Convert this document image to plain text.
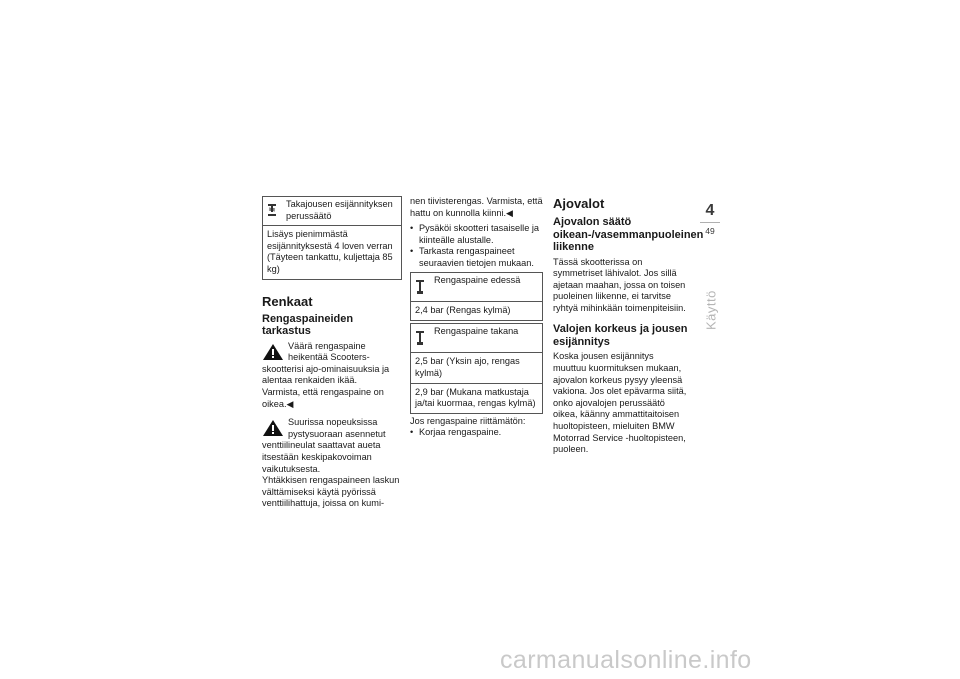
Takajousen esijännityksen perussäätö
Lisäys pienimmästä esijännityksestä 4 loven verran (Täyteen tankattu, kuljettaja 85 kg)
Renkaat
Rengaspaineiden tarkastus
Väärä rengaspaine heikentää Scooters-skootterisi ajo-ominaisuuksia ja alentaa renkaiden ikää.

Varmista, että rengaspaine on oikea.◀

Suurissa nopeuksissa pystysuoraan asennetut venttiilineulat saattavat aueta itsestään keskipakovoiman vaikutuksesta.

Yhtäkkisen rengaspaineen laskun välttämiseksi käytä pyörissä venttiilihattuja, joissa on kumi-

nen tiivisterengas. Varmista, että hattu on kunnolla kiinni.◀

• Pysäköi skootteri tasaiselle ja kiinteälle alustalle.
• Tarkasta rengaspaineet seuraavien tietojen mukaan.
Rengaspaine edessä
2,4 bar (Rengas kylmä)
Rengaspaine takana
2,5 bar (Yksin ajo, rengas kylmä)
2,9 bar (Mukana matkustaja ja/tai kuormaa, rengas kylmä)

Jos rengaspaine riittämätön:

• Korjaa rengaspaine.
Ajovalot
Ajovalon säätö oikean-/vasemmanpuoleinen liikenne

Tässä skootterissa on symmetriset lähivalot. Jos sillä ajetaan maahan, jossa on toisen puoleinen liikenne, ei tarvitse ryhtyä mihinkään toimenpiteisiin.

Valojen korkeus ja jousen esijännitys

Koska jousen esijännitys muuttuu kuormituksen mukaan, ajovalon korkeus pysyy yleensä vakiona. Jos olet epävarma siitä, onko ajovalojen perussäätö oikea, käänny ammattitaitoisen huoltopisteen, mieluiten BMW Motorrad Service -huoltopisteen, puoleen.

4
49
Käyttö
carmanualsonline.info
